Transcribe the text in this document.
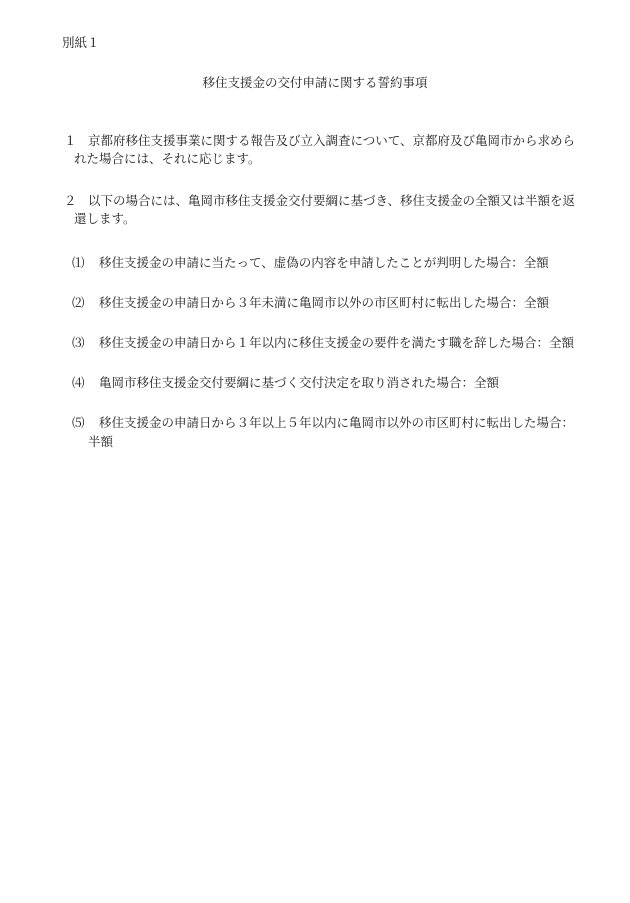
別紙１
移住支援金の交付申請に関する誓約事項
１ 京都府移住支援事業に関する報告及び立入調査について、京都府及び亀岡市から求めら
れた場合には、それに応じます。
２ 以下の場合には、亀岡市移住支援金交付要綱に基づき、移住支援金の全額又は半額を返
還します。
⑴ 移住支援金の申請に当たって、虚偽の内容を申請したことが判明した場合：全額
⑵ 移住支援金の申請日から３年未満に亀岡市以外の市区町村に転出した場合：全額
⑶ 移住支援金の申請日から１年以内に移住支援金の要件を満たす職を辞した場合：全額
⑷ 亀岡市移住支援金交付要綱に基づく交付決定を取り消された場合：全額
⑸ 移住支援金の申請日から３年以上５年以内に亀岡市以外の市区町村に転出した場合：
半額
